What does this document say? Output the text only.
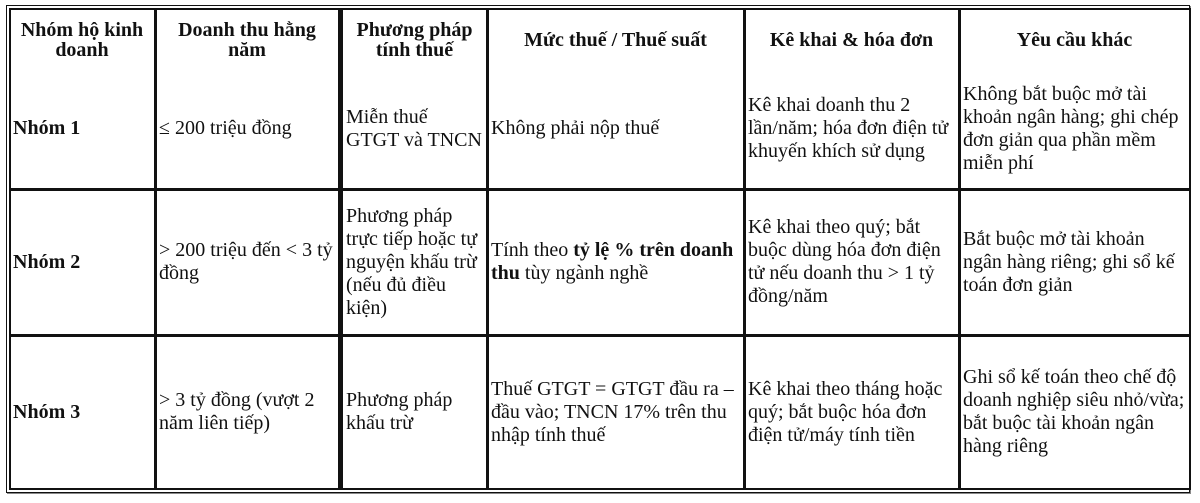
Nhóm hộ kinh doanh	Doanh thu hằng năm	Phương pháp tính thuế	Mức thuế / Thuế suất	Kê khai & hóa đơn	Yêu cầu khác
Nhóm 1	≤ 200 triệu đồng	Miễn thuế GTGT và TNCN	Không phải nộp thuế	Kê khai doanh thu 2 lần/năm; hóa đơn điện tử khuyến khích sử dụng	Không bắt buộc mở tài khoản ngân hàng; ghi chép đơn giản qua phần mềm miễn phí
Nhóm 2	> 200 triệu đến < 3 tỷ đồng	Phương pháp trực tiếp hoặc tự nguyện khấu trừ (nếu đủ điều kiện)	Tính theo tỷ lệ % trên doanh thu tùy ngành nghề	Kê khai theo quý; bắt buộc dùng hóa đơn điện tử nếu doanh thu > 1 tỷ đồng/năm	Bắt buộc mở tài khoản ngân hàng riêng; ghi sổ kế toán đơn giản
Nhóm 3	> 3 tỷ đồng (vượt 2 năm liên tiếp)	Phương pháp khấu trừ	Thuế GTGT = GTGT đầu ra – đầu vào; TNCN 17% trên thu nhập tính thuế	Kê khai theo tháng hoặc quý; bắt buộc hóa đơn điện tử/máy tính tiền	Ghi sổ kế toán theo chế độ doanh nghiệp siêu nhỏ/vừa; bắt buộc tài khoản ngân hàng riêng
